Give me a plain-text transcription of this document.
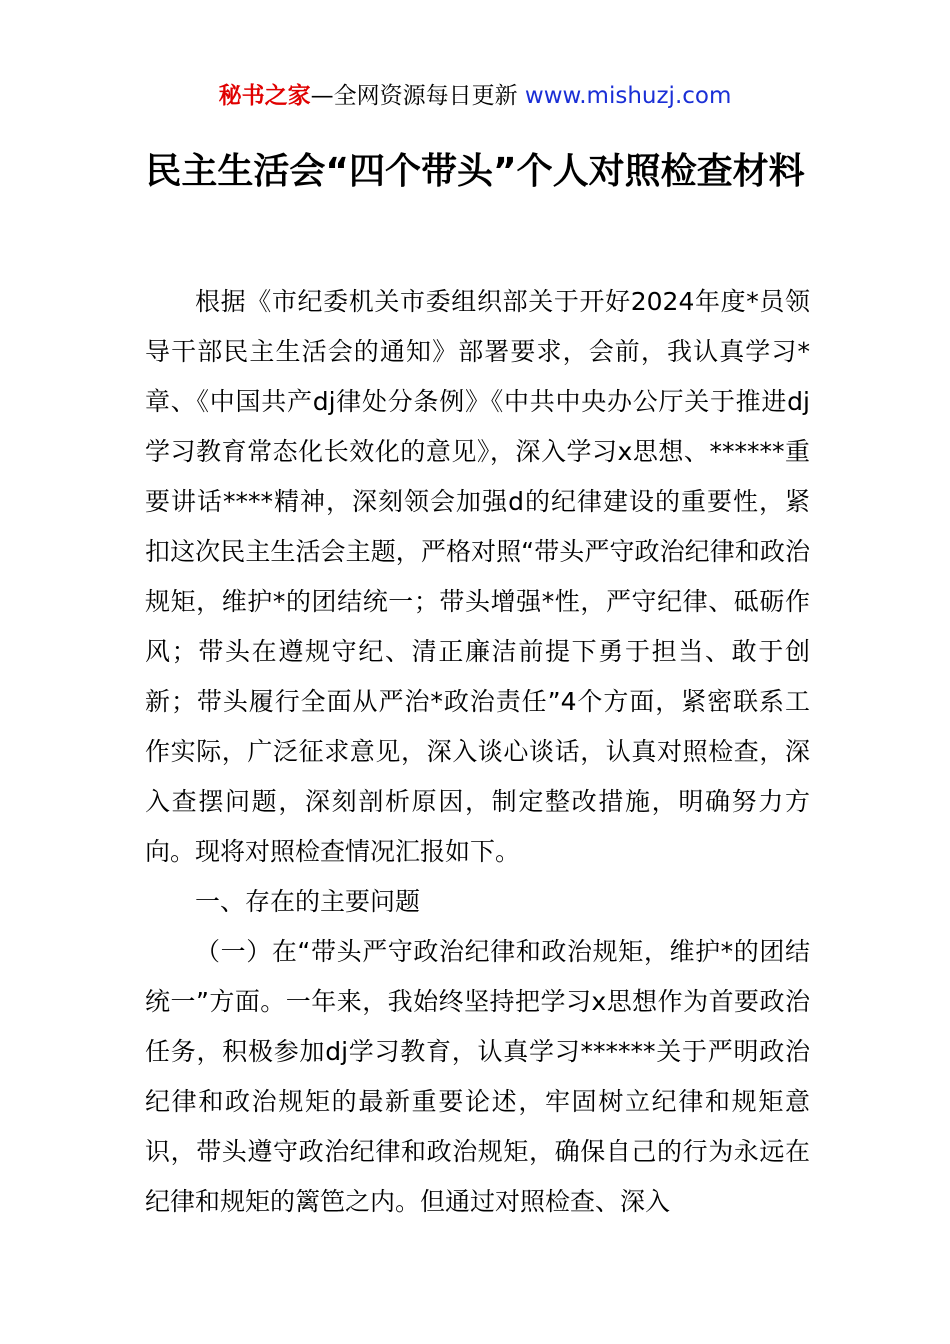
秘书之家—全网资源每日更新 www.mishuzj.com
民主生活会“四个带头”个人对照检查材料

根据《市纪委机关市委组织部关于开好2024年度*员领导干部民主生活会的通知》部署要求，会前，我认真学习*章、《中国共产dj律处分条例》《中共中央办公厅关于推进dj学习教育常态化长效化的意见》，深入学习x思想、******重要讲话****精神，深刻领会加强d的纪律建设的重要性，紧扣这次民主生活会主题，严格对照“带头严守政治纪律和政治规矩，维护*的团结统一；带头增强*性，严守纪律、砥砺作风；带头在遵规守纪、清正廉洁前提下勇于担当、敢于创新；带头履行全面从严治*政治责任”4个方面，紧密联系工作实际，广泛征求意见，深入谈心谈话，认真对照检查，深入查摆问题，深刻剖析原因，制定整改措施，明确努力方向。现将对照检查情况汇报如下。

一、存在的主要问题

（一）在“带头严守政治纪律和政治规矩，维护*的团结统一”方面。一年来，我始终坚持把学习x思想作为首要政治任务，积极参加dj学习教育，认真学习******关于严明政治纪律和政治规矩的最新重要论述，牢固树立纪律和规矩意识，带头遵守政治纪律和政治规矩，确保自己的行为永远在纪律和规矩的篱笆之内。但通过对照检查、深入
